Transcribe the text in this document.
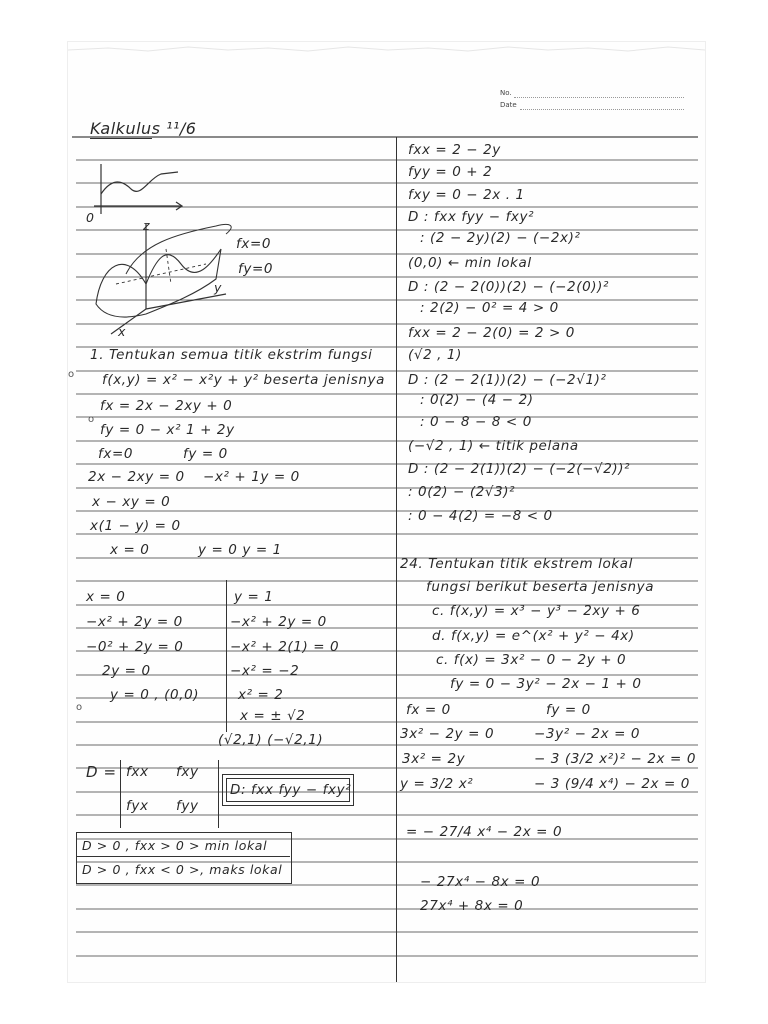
No.
Date
Kalkulus ¹¹/6
0
z
y
x
fx=0
fy=0
o
1. Tentukan semua titik ekstrim fungsi
f(x,y) = x² − x²y + y² beserta jenisnya
o
fx = 2x − 2xy + 0
fy = 0 − x² 1 + 2y
fx=0	fy = 0
2x − 2xy = 0 −x² + 1y = 0
x − xy = 0
x(1 − y) = 0
x = 0	y = 0 y = 1
x = 0
−x² + 2y = 0
−0² + 2y = 0
2y = 0
y = 0 , (0,0)
y = 1
−x² + 2y = 0
−x² + 2(1) = 0
−x² = −2
x² = 2
x = ± √2
(√2,1) (−√2,1)
o
D = fxx fxy
fyx fyy
D: fxx fyy − fxy²
D > 0 , fxx > 0 > min lokal
D > 0 , fxx < 0 >, maks lokal
fxx = 2 − 2y
fyy = 0 + 2
fxy = 0 − 2x . 1
D : fxx fyy − fxy²
: (2 − 2y)(2) − (−2x)²
(0,0) ← min lokal
D : (2 − 2(0))(2) − (−2(0))²
: 2(2) − 0² = 4 > 0
fxx = 2 − 2(0) = 2 > 0
(√2 , 1)
D : (2 − 2(1))(2) − (−2√1)²
: 0(2) − (4 − 2)
: 0 − 8 − 8 < 0
(−√2 , 1) ← titik pelana
D : (2 − 2(1))(2) − (−2(−√2))²
: 0(2) − (2√3)²
: 0 − 4(2) = −8 < 0
24. Tentukan titik ekstrem lokal
fungsi berikut beserta jenisnya
c. f(x,y) = x³ − y³ − 2xy + 6
d. f(x,y) = e^(x² + y² − 4x)
c. f(x) = 3x² − 0 − 2y + 0
fy = 0 − 3y² − 2x − 1 + 0
fx = 0	fy = 0
3x² − 2y = 0	−3y² − 2x = 0
3x² = 2y	− 3 (3/2 x²)² − 2x = 0
y = 3/2 x²	− 3 (9/4 x⁴) − 2x = 0
= − 27/4 x⁴ − 2x = 0
− 27x⁴ − 8x = 0
27x⁴ + 8x = 0
